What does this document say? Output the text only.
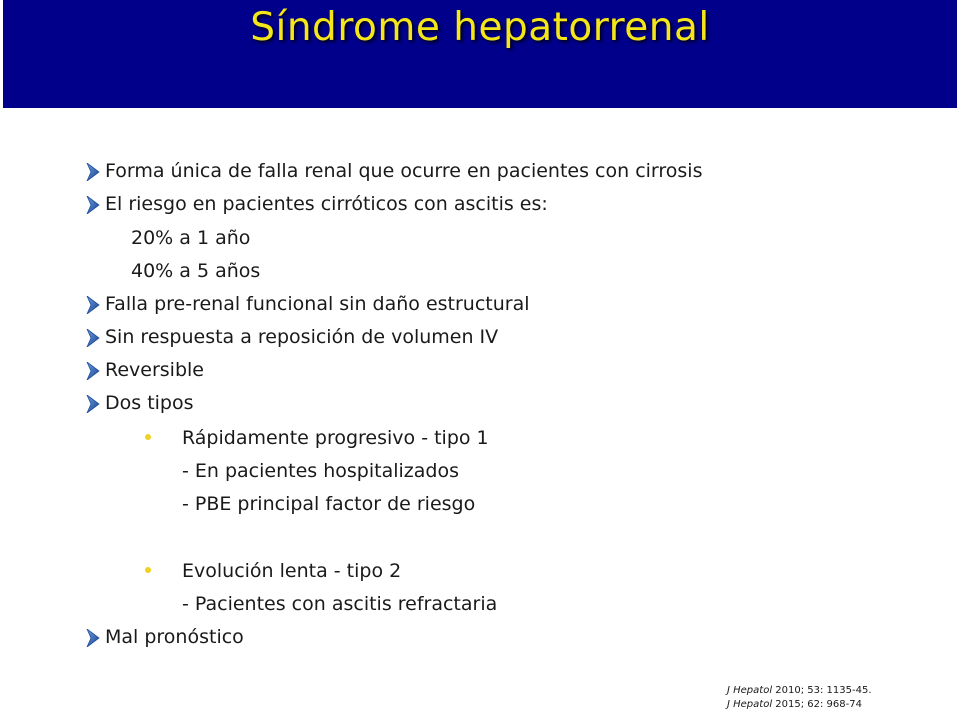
Síndrome hepatorrenal
Forma única de falla renal que ocurre en pacientes con cirrosis
El riesgo en pacientes cirróticos con ascitis es:
20% a 1 año
40% a 5 años
Falla pre-renal funcional sin daño estructural
Sin respuesta a reposición de volumen IV
Reversible
Dos tipos
Rápidamente progresivo - tipo 1
- En pacientes hospitalizados
- PBE principal factor de riesgo
Evolución lenta - tipo 2
- Pacientes con ascitis refractaria
Mal pronóstico
J Hepatol 2010; 53: 1135-45.
J Hepatol 2015; 62: 968-74
